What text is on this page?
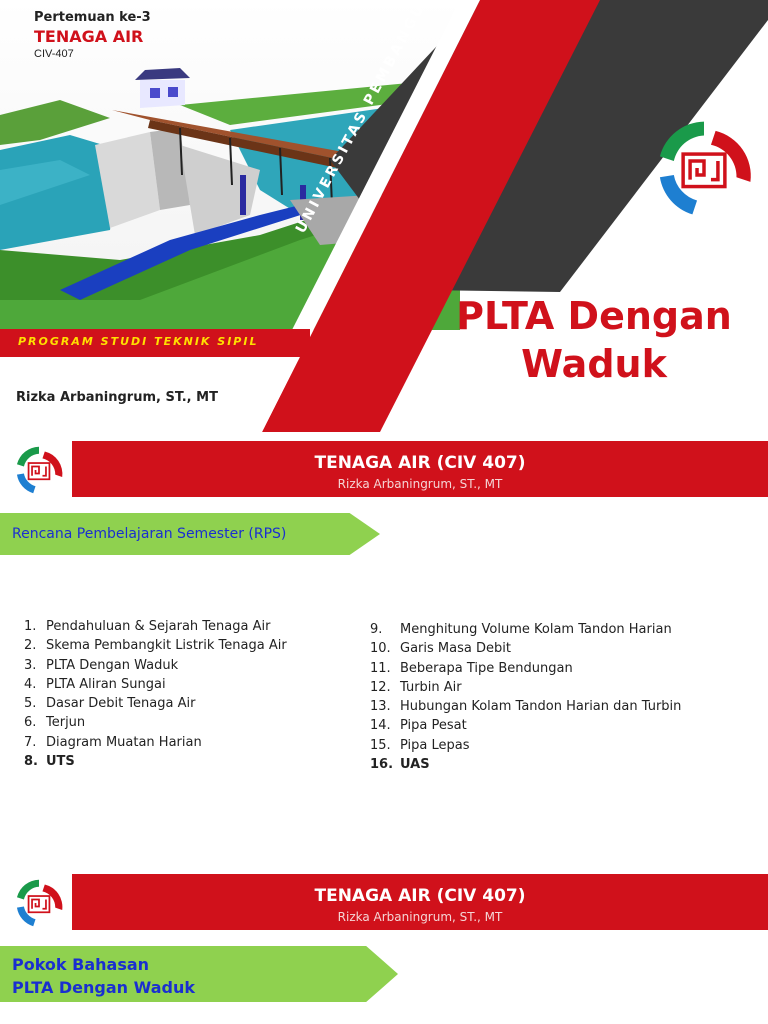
Pertemuan ke-3
TENAGA AIR
CIV-407
PROGRAM STUDI TEKNIK SIPIL
Rizka Arbaningrum, ST., MT
UNIVERSITAS PEMBANGUNAN
PLTA Dengan
Waduk
TENAGA AIR (CIV 407)
Rizka Arbaningrum, ST., MT
Rencana Pembelajaran Semester (RPS)
1. Pendahuluan & Sejarah Tenaga Air
2. Skema Pembangkit Listrik Tenaga Air
3. PLTA Dengan Waduk
4. PLTA Aliran Sungai
5. Dasar Debit Tenaga Air
6. Terjun
7. Diagram Muatan Harian
8. UTS
9. Menghitung Volume Kolam Tandon Harian
10. Garis Masa Debit
11. Beberapa Tipe Bendungan
12. Turbin Air
13. Hubungan Kolam Tandon Harian dan Turbin
14. Pipa Pesat
15. Pipa Lepas
16. UAS
TENAGA AIR (CIV 407)
Rizka Arbaningrum, ST., MT
Pokok Bahasan
PLTA Dengan Waduk
